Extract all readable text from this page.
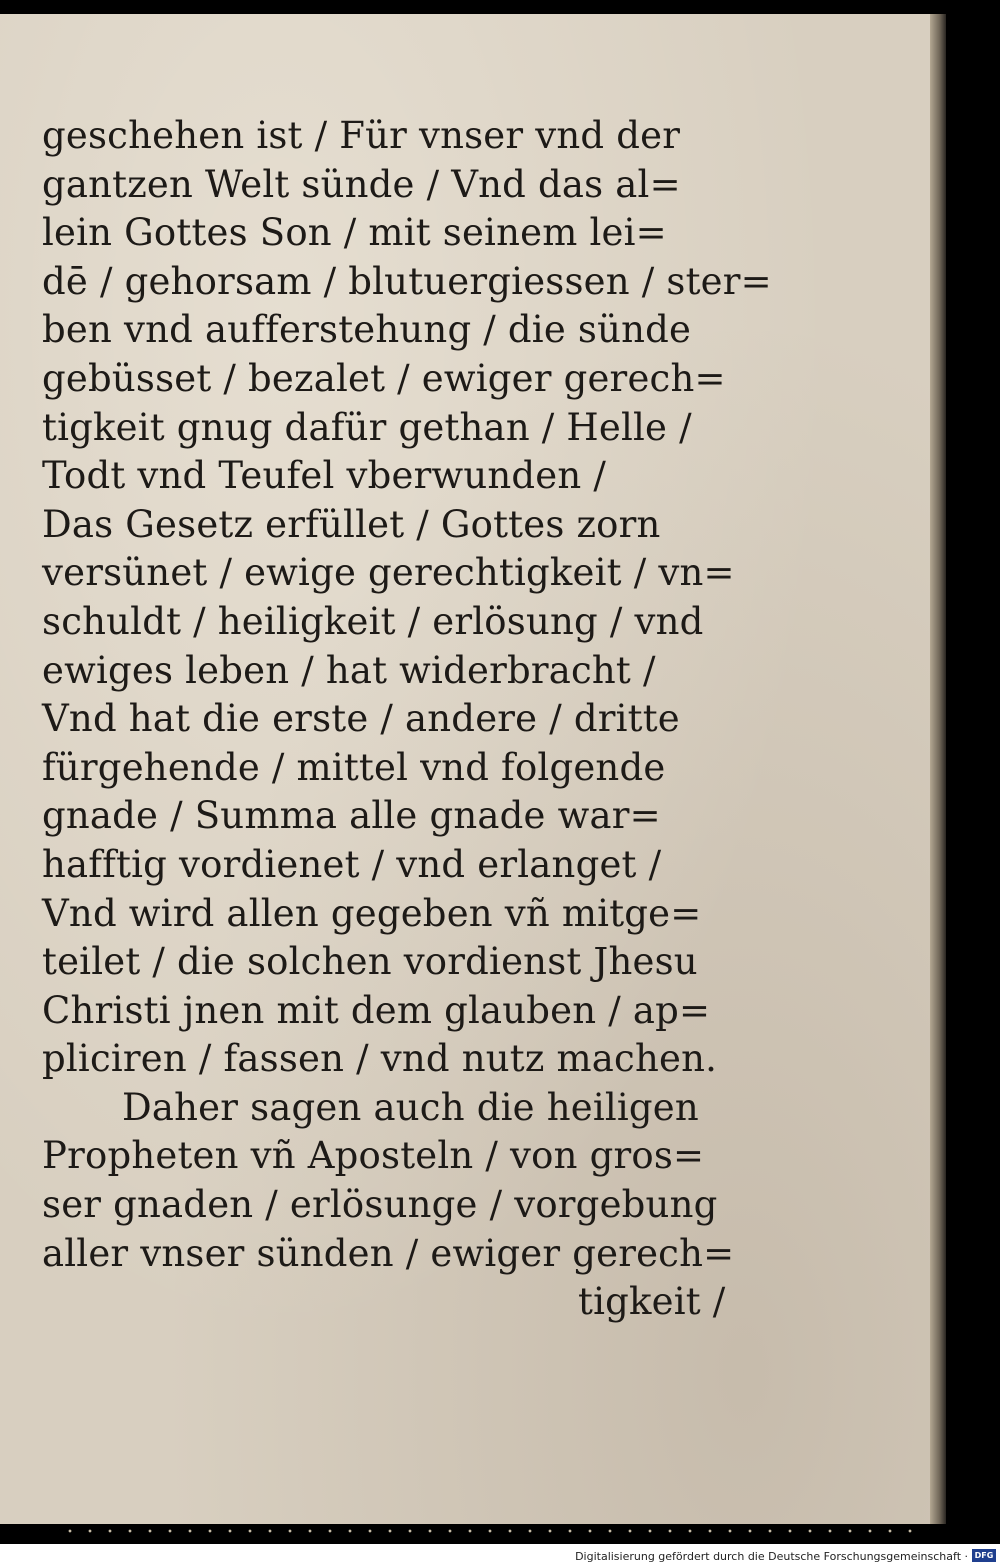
geschehen ist / Für vnser vnd der
gantzen Welt sünde / Vnd das al=
lein Gottes Son / mit seinem lei=
dē / gehorsam / blutuergiessen / ster=
ben vnd aufferstehung / die sünde
gebüsset / bezalet / ewiger gerech=
tigkeit gnug dafür gethan / Helle /
Todt vnd Teufel vberwunden /
Das Gesetz erfüllet / Gottes zorn
versünet / ewige gerechtigkeit / vn=
schuldt / heiligkeit / erlösung / vnd
ewiges leben / hat widerbracht /
Vnd hat die erste / andere / dritte
fürgehende / mittel vnd folgende
gnade / Summa alle gnade war=
hafftig vordienet / vnd erlanget /
Vnd wird allen gegeben vñ mitge=
teilet / die solchen vordienst Jhesu
Christi jnen mit dem glauben / ap=
pliciren / fassen / vnd nutz machen.
Daher sagen auch die heiligen
Propheten vñ Aposteln / von gros=
ser gnaden / erlösunge / vorgebung
aller vnser sünden / ewiger gerech=
tigkeit /
Digitalisierung gefördert durch die Deutsche Forschungsgemeinschaft · DFG
